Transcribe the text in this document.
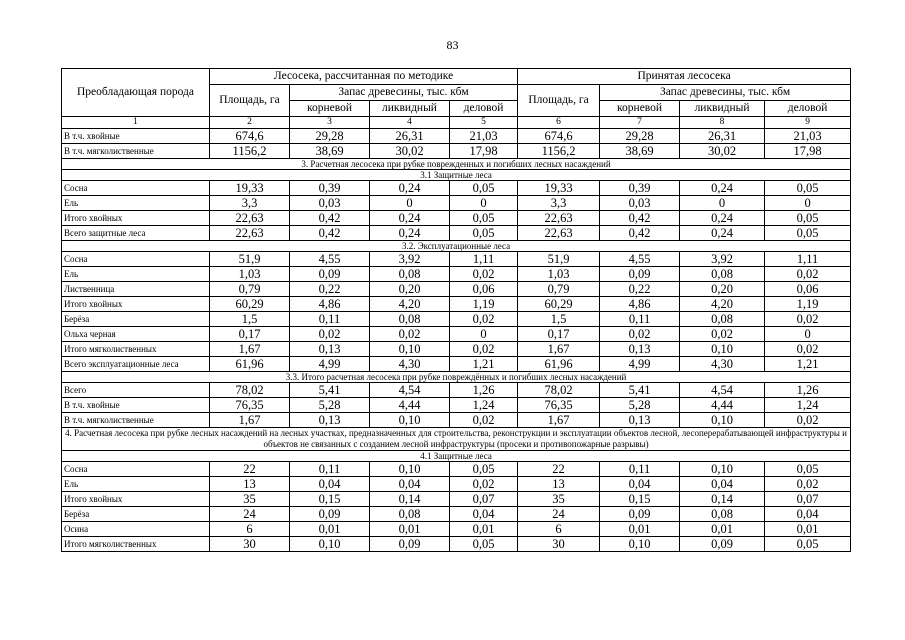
83
Преобладающая порода	Лесосека, рассчитанная по методике				Принятая лесосека			
	Площадь, га	Запас древесины, тыс. кбм			Площадь, га	Запас древесины, тыс. кбм		
		корневой	ликвидный	деловой		корневой	ликвидный	деловой
1	2	3	4	5	6	7	8	9
В т.ч. хвойные	674,6	29,28	26,31	21,03	674,6	29,28	26,31	21,03
В т.ч. мягколиственные	1156,2	38,69	30,02	17,98	1156,2	38,69	30,02	17,98
3. Расчетная лесосека при рубке поврежденных и погибших лесных насаждений								
3.1 Защитные леса								
Сосна	19,33	0,39	0,24	0,05	19,33	0,39	0,24	0,05
Ель	3,3	0,03	0	0	3,3	0,03	0	0
Итого хвойных	22,63	0,42	0,24	0,05	22,63	0,42	0,24	0,05
Всего защитные леса	22,63	0,42	0,24	0,05	22,63	0,42	0,24	0,05
3.2. Эксплуатационные леса								
Сосна	51,9	4,55	3,92	1,11	51,9	4,55	3,92	1,11
Ель	1,03	0,09	0,08	0,02	1,03	0,09	0,08	0,02
Лиственница	0,79	0,22	0,20	0,06	0,79	0,22	0,20	0,06
Итого хвойных	60,29	4,86	4,20	1,19	60,29	4,86	4,20	1,19
Берёза	1,5	0,11	0,08	0,02	1,5	0,11	0,08	0,02
Ольха черная	0,17	0,02	0,02	0	0,17	0,02	0,02	0
Итого мягколиственных	1,67	0,13	0,10	0,02	1,67	0,13	0,10	0,02
Всего эксплуатационные леса	61,96	4,99	4,30	1,21	61,96	4,99	4,30	1,21
3.3. Итого расчетная лесосека при рубке повреждённых и погибших лесных насаждений								
Всего	78,02	5,41	4,54	1,26	78,02	5,41	4,54	1,26
В т.ч. хвойные	76,35	5,28	4,44	1,24	76,35	5,28	4,44	1,24
В т.ч. мягколиственные	1,67	0,13	0,10	0,02	1,67	0,13	0,10	0,02
4. Расчетная лесосека при рубке лесных насаждений на лесных участках, предназначенных для строительства, реконструкции и эксплуатации объектов лесной, лесоперерабатывающей инфраструктуры и объектов не связанных с созданием лесной инфраструктуры (просеки и противопожарные разрывы)								
4.1 Защитные леса								
Сосна	22	0,11	0,10	0,05	22	0,11	0,10	0,05
Ель	13	0,04	0,04	0,02	13	0,04	0,04	0,02
Итого хвойных	35	0,15	0,14	0,07	35	0,15	0,14	0,07
Берёза	24	0,09	0,08	0,04	24	0,09	0,08	0,04
Осина	6	0,01	0,01	0,01	6	0,01	0,01	0,01
Итого мягколиственных	30	0,10	0,09	0,05	30	0,10	0,09	0,05
